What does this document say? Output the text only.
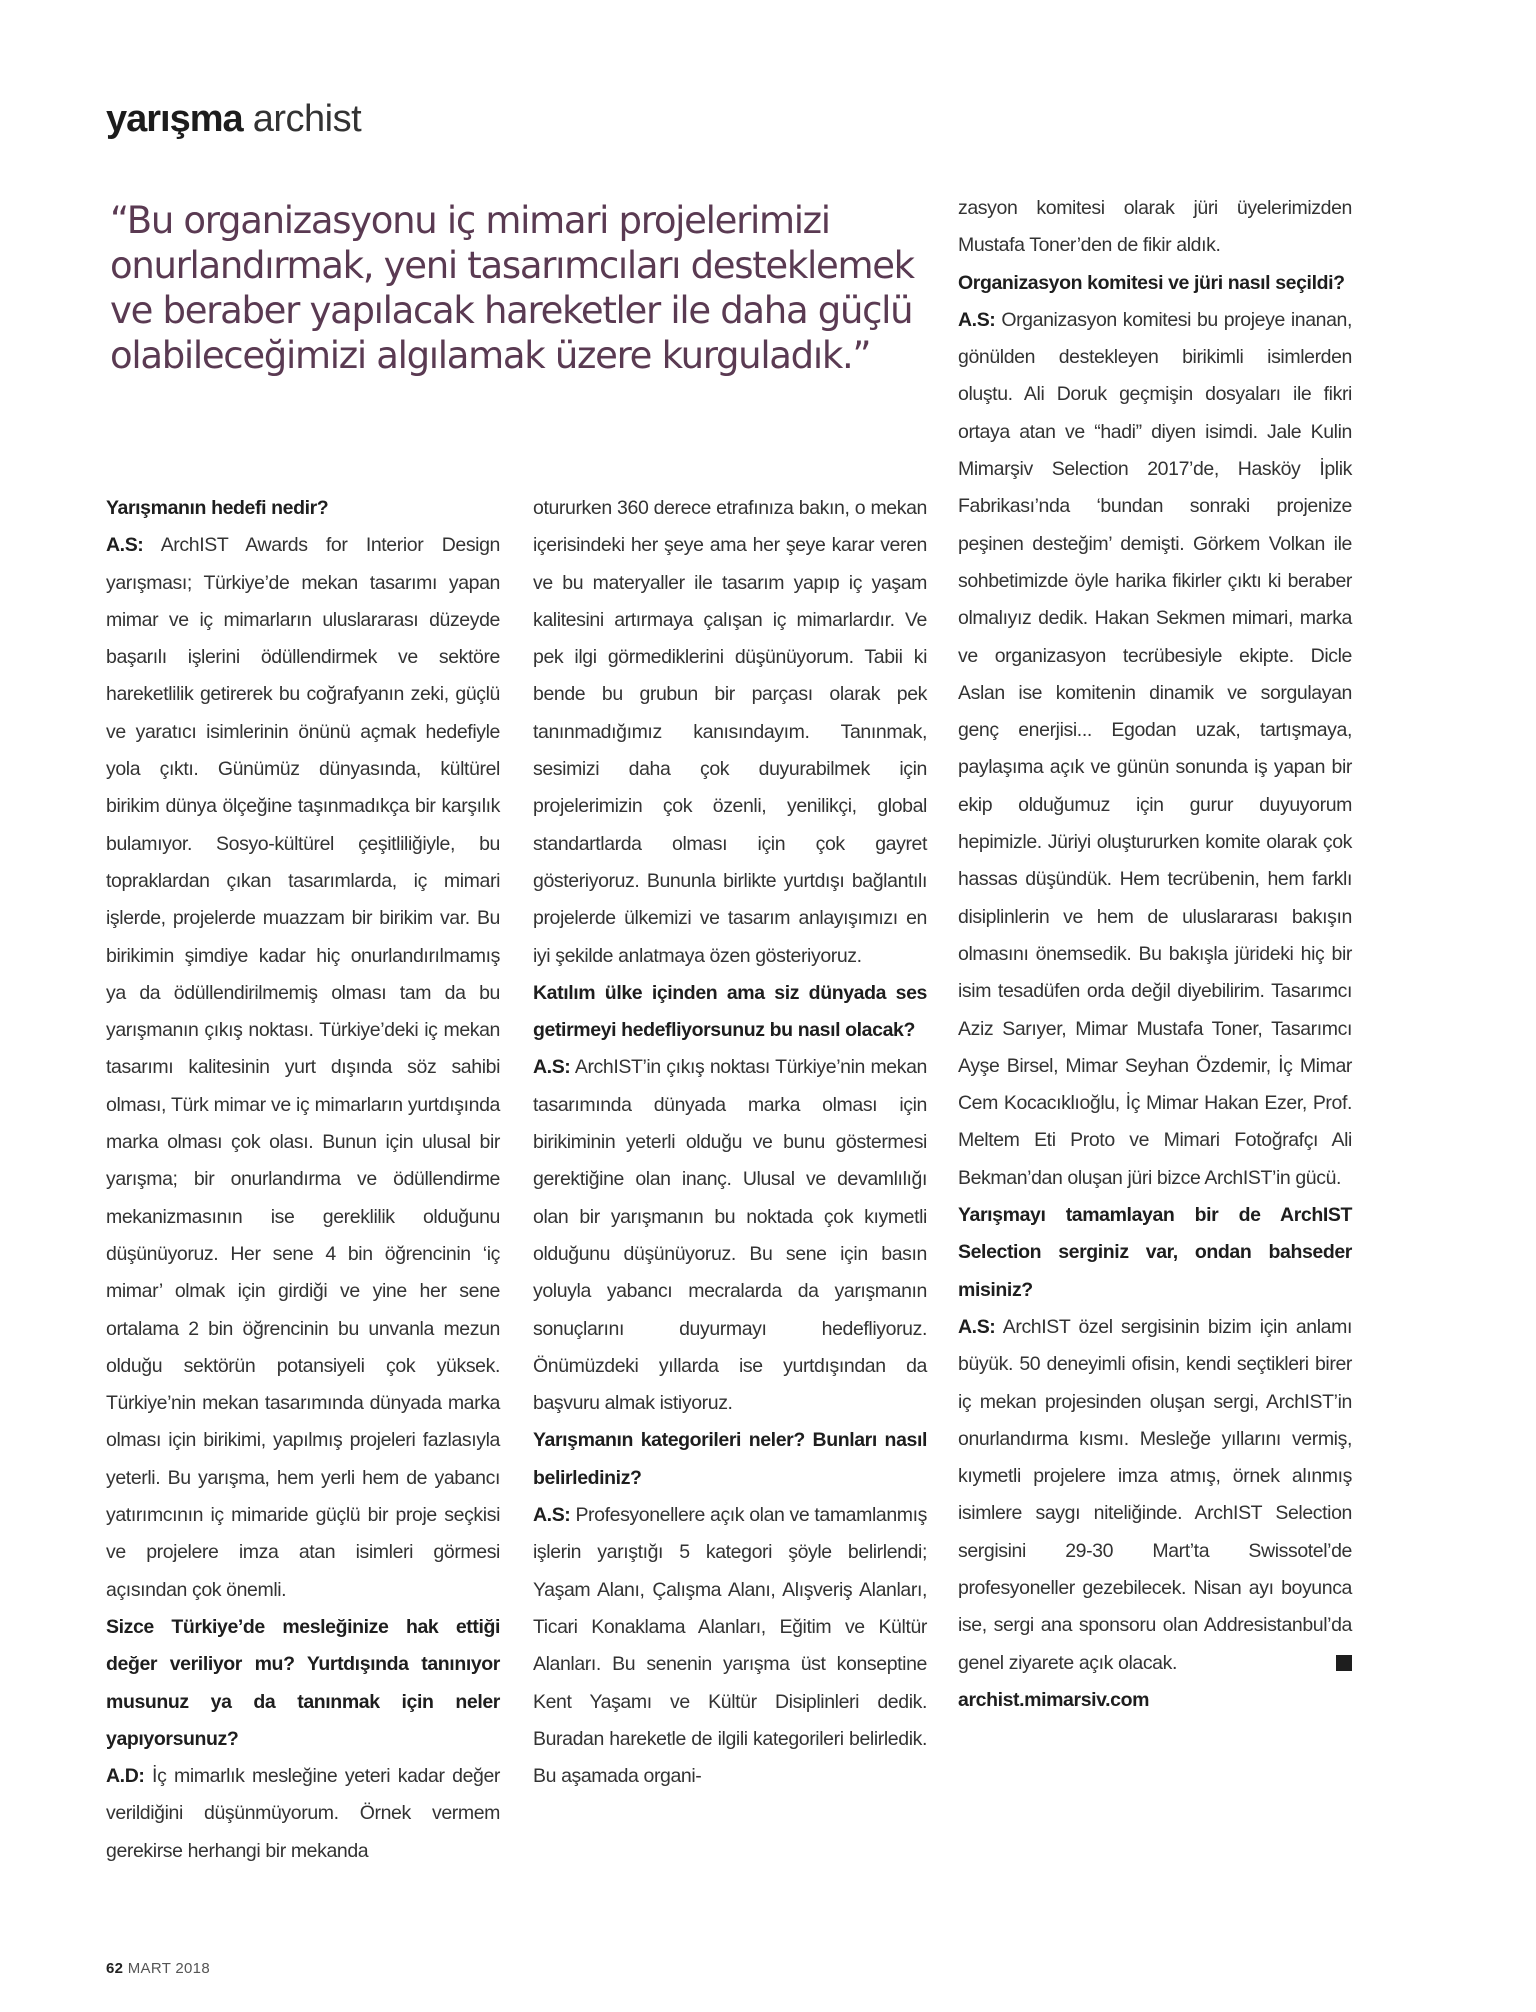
yarışma archist

“Bu organizasyonu iç mimari projelerimizi

onurlandırmak, yeni tasarımcıları desteklemek

ve beraber yapılacak hareketler ile daha güçlü

olabileceğimizi algılamak üzere kurguladık.”

Yarışmanın hedefi nedir?

A.S: ArchIST Awards for Interior Design yarışması; Türkiye’de mekan tasarımı yapan mimar ve iç mimarların uluslararası düzeyde başarılı işlerini ödüllendirmek ve sektöre hareketlilik getirerek bu coğrafyanın zeki, güçlü ve yaratıcı isimlerinin önünü açmak hedefiyle yola çıktı. Günümüz dünyasında, kültürel birikim dünya ölçeğine taşınmadıkça bir karşılık bulamıyor. Sosyo-kültürel çeşitliliğiyle, bu topraklardan çıkan tasarımlarda, iç mimari işlerde, projelerde muazzam bir birikim var. Bu birikimin şimdiye kadar hiç onurlandırılmamış ya da ödüllendirilmemiş olması tam da bu yarışmanın çıkış noktası. Türkiye’deki iç mekan tasarımı kalitesinin yurt dışında söz sahibi olması, Türk mimar ve iç mimarların yurtdışında marka olması çok olası. Bunun için ulusal bir yarışma; bir onurlandırma ve ödüllendirme mekanizmasının ise gereklilik olduğunu düşünüyoruz. Her sene 4 bin öğrencinin ‘iç mimar’ olmak için girdiği ve yine her sene ortalama 2 bin öğrencinin bu unvanla mezun olduğu sektörün potansiyeli çok yüksek. Türkiye’nin mekan tasarımında dünyada marka olması için birikimi, yapılmış projeleri fazlasıyla yeterli. Bu yarışma, hem yerli hem de yabancı yatırımcının iç mimaride güçlü bir proje seçkisi ve projelere imza atan isimleri görmesi açısından çok önemli.

Sizce Türkiye’de mesleğinize hak ettiği değer veriliyor mu? Yurtdışında tanınıyor musunuz ya da tanınmak için neler yapıyorsunuz?

A.D: İç mimarlık mesleğine yeteri kadar değer verildiğini düşünmüyorum. Örnek vermem gerekirse herhangi bir mekanda

otururken 360 derece etrafınıza bakın, o mekan içerisindeki her şeye ama her şeye karar veren ve bu materyaller ile tasarım yapıp iç yaşam kalitesini artırmaya çalışan iç mimarlardır. Ve pek ilgi görmediklerini düşünüyorum. Tabii ki bende bu grubun bir parçası olarak pek tanınmadığımız kanısındayım. Tanınmak, sesimizi daha çok duyurabilmek için projelerimizin çok özenli, yenilikçi, global standartlarda olması için çok gayret gösteriyoruz. Bununla birlikte yurtdışı bağlantılı projelerde ülkemizi ve tasarım anlayışımızı en iyi şekilde anlatmaya özen gösteriyoruz.

Katılım ülke içinden ama siz dünyada ses getirmeyi hedefliyorsunuz bu nasıl olacak?

A.S: ArchIST’in çıkış noktası Türkiye’nin mekan tasarımında dünyada marka olması için birikiminin yeterli olduğu ve bunu göstermesi gerektiğine olan inanç. Ulusal ve devamlılığı olan bir yarışmanın bu noktada çok kıymetli olduğunu düşünüyoruz. Bu sene için basın yoluyla yabancı mecralarda da yarışmanın sonuçlarını duyurmayı hedefliyoruz. Önümüzdeki yıllarda ise yurtdışından da başvuru almak istiyoruz.

Yarışmanın kategorileri neler? Bunları nasıl belirlediniz?

A.S: Profesyonellere açık olan ve tamamlanmış işlerin yarıştığı 5 kategori şöyle belirlendi; Yaşam Alanı, Çalışma Alanı, Alışveriş Alanları, Ticari Konaklama Alanları, Eğitim ve Kültür Alanları. Bu senenin yarışma üst konseptine Kent Yaşamı ve Kültür Disiplinleri dedik. Buradan hareketle de ilgili kategorileri belirledik. Bu aşamada organi-

zasyon komitesi olarak jüri üyelerimizden Mustafa Toner’den de fikir aldık.

Organizasyon komitesi ve jüri nasıl seçildi?

A.S: Organizasyon komitesi bu projeye inanan, gönülden destekleyen birikimli isimlerden oluştu. Ali Doruk geçmişin dosyaları ile fikri ortaya atan ve “hadi” diyen isimdi. Jale Kulin Mimarşiv Selection 2017’de, Hasköy İplik Fabrikası’nda ‘bundan sonraki projenize peşinen desteğim’ demişti. Görkem Volkan ile sohbetimizde öyle harika fikirler çıktı ki beraber olmalıyız dedik. Hakan Sekmen mimari, marka ve organizasyon tecrübesiyle ekipte. Dicle Aslan ise komitenin dinamik ve sorgulayan genç enerjisi... Egodan uzak, tartışmaya, paylaşıma açık ve günün sonunda iş yapan bir ekip olduğumuz için gurur duyuyorum hepimizle. Jüriyi oluştururken komite olarak çok hassas düşündük. Hem tecrübenin, hem farklı disiplinlerin ve hem de uluslararası bakışın olmasını önemsedik. Bu bakışla jürideki hiç bir isim tesadüfen orda değil diyebilirim. Tasarımcı Aziz Sarıyer, Mimar Mustafa Toner, Tasarımcı Ayşe Birsel, Mimar Seyhan Özdemir, İç Mimar Cem Kocacıklıoğlu, İç Mimar Hakan Ezer, Prof. Meltem Eti Proto ve Mimari Fotoğrafçı Ali Bekman’dan oluşan jüri bizce ArchIST’in gücü.

Yarışmayı tamamlayan bir de ArchIST Selection serginiz var, ondan bahseder misiniz?

A.S: ArchIST özel sergisinin bizim için anlamı büyük. 50 deneyimli ofisin, kendi seçtikleri birer iç mekan projesinden oluşan sergi, ArchIST’in onurlandırma kısmı. Mesleğe yıllarını vermiş, kıymetli projelere imza atmış, örnek alınmış isimlere saygı niteliğinde. ArchIST Selection sergisini 29-30 Mart’ta Swissotel’de profesyoneller gezebilecek. Nisan ayı boyunca ise, sergi ana sponsoru olan Addresistanbul’da genel ziyarete açık olacak.

archist.mimarsiv.com

62 MART 2018
